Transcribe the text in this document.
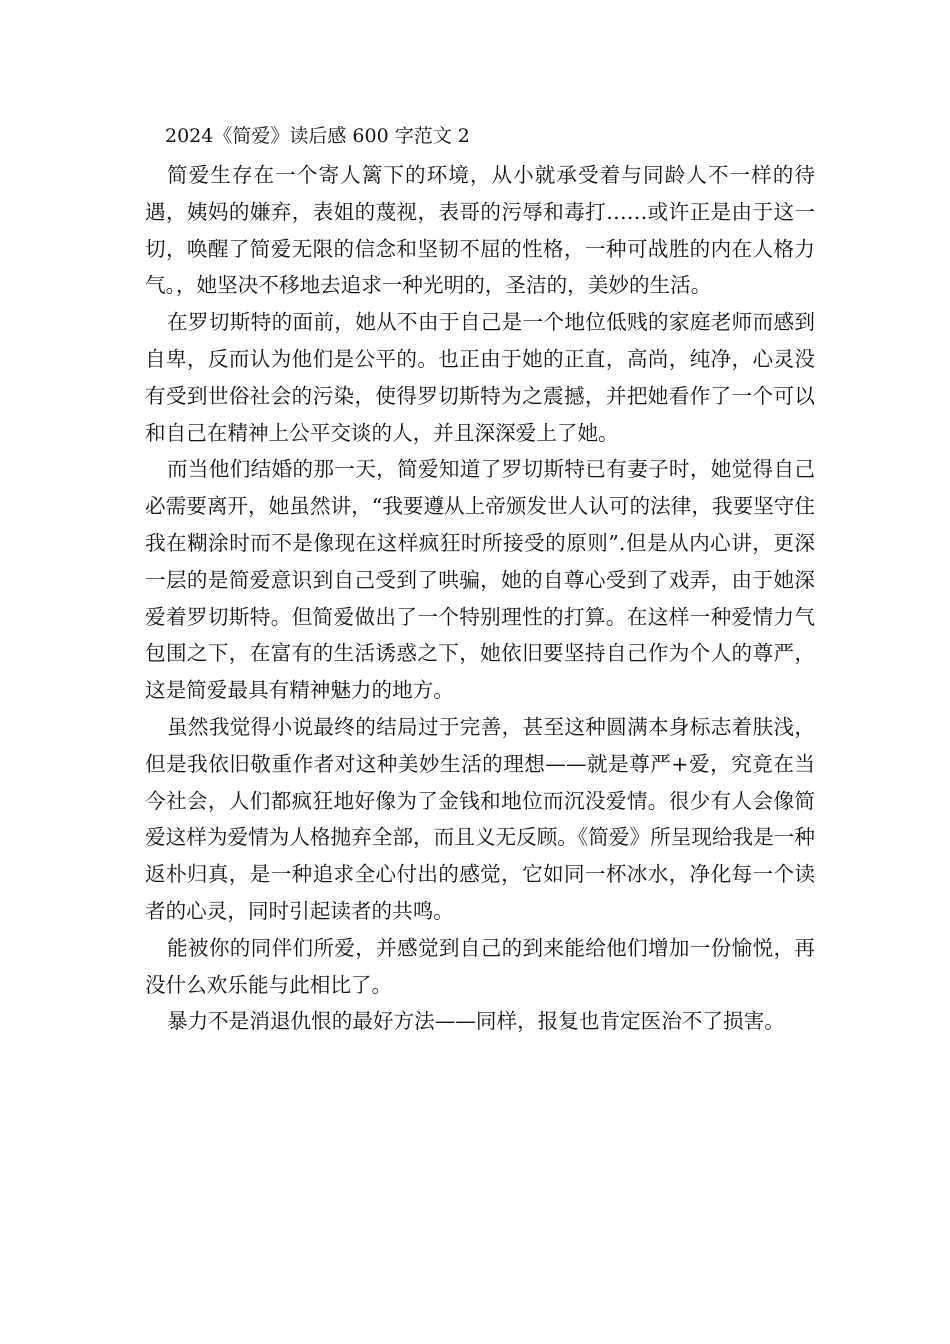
2024《简爱》读后感 600 字范文 2

简爱生存在一个寄人篱下的环境，从小就承受着与同龄人不一样的待遇，姨妈的嫌弃，表姐的蔑视，表哥的污辱和毒打……或许正是由于这一切，唤醒了简爱无限的信念和坚韧不屈的性格，一种可战胜的内在人格力气。，她坚决不移地去追求一种光明的，圣洁的，美妙的生活。

在罗切斯特的面前，她从不由于自己是一个地位低贱的家庭老师而感到自卑，反而认为他们是公平的。也正由于她的正直，高尚，纯净，心灵没有受到世俗社会的污染，使得罗切斯特为之震撼，并把她看作了一个可以和自己在精神上公平交谈的人，并且深深爱上了她。

而当他们结婚的那一天，简爱知道了罗切斯特已有妻子时，她觉得自己必需要离开，她虽然讲，“我要遵从上帝颁发世人认可的法律，我要坚守住我在糊涂时而不是像现在这样疯狂时所接受的原则”.但是从内心讲，更深一层的是简爱意识到自己受到了哄骗，她的自尊心受到了戏弄，由于她深爱着罗切斯特。但简爱做出了一个特别理性的打算。在这样一种爱情力气包围之下，在富有的生活诱惑之下，她依旧要坚持自己作为个人的尊严，这是简爱最具有精神魅力的地方。

虽然我觉得小说最终的结局过于完善，甚至这种圆满本身标志着肤浅，但是我依旧敬重作者对这种美妙生活的理想——就是尊严+爱，究竟在当今社会，人们都疯狂地好像为了金钱和地位而沉没爱情。很少有人会像简爱这样为爱情为人格抛弃全部，而且义无反顾。《简爱》所呈现给我是一种返朴归真，是一种追求全心付出的感觉，它如同一杯冰水，净化每一个读者的心灵，同时引起读者的共鸣。

能被你的同伴们所爱，并感觉到自己的到来能给他们增加一份愉悦，再没什么欢乐能与此相比了。

暴力不是消退仇恨的最好方法——同样，报复也肯定医治不了损害。
